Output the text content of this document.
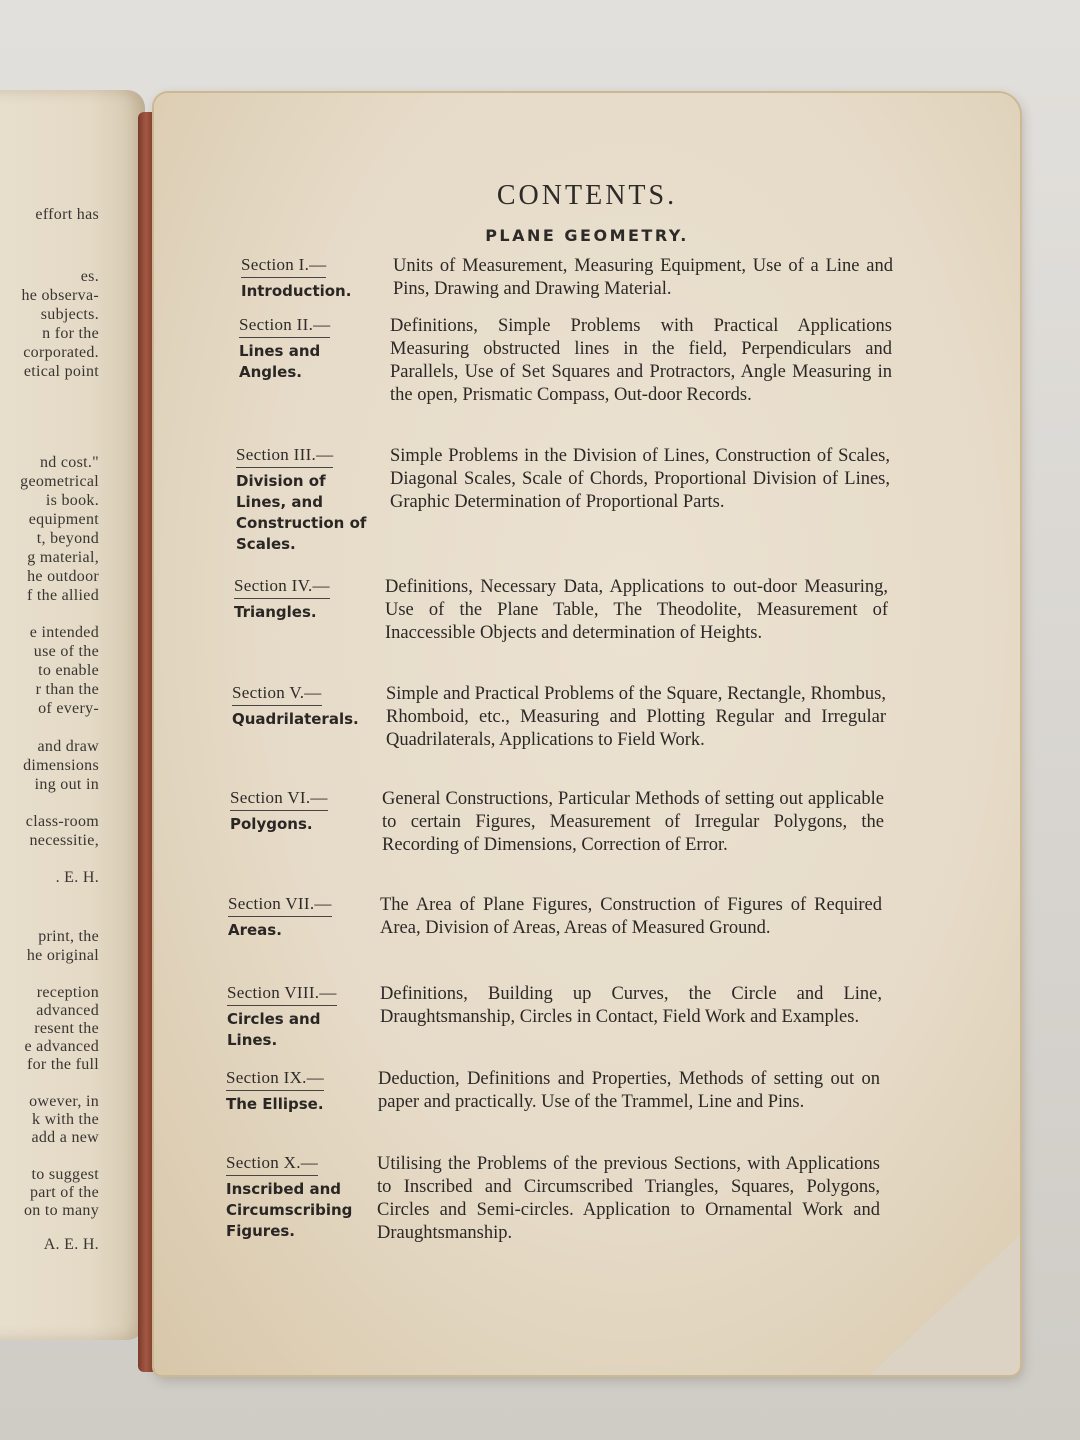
effort has
es.
he observa-
subjects.
n for the
corporated.
etical point
nd cost."
geometrical
is book.
equipment
t, beyond
g material,
he outdoor
f the allied
e intended
use of the
to enable
r than the
of every-
and draw
dimensions
ing out in
class-room
necessitie,
. E. H.
print, the
he original
reception
advanced
resent the
e advanced
for the full
owever, in
k with the
add a new
to suggest
part of the
on to many
A. E. H.
CONTENTS.
PLANE GEOMETRY.
Section I.—
Introduction.
Units of Measurement, Measuring Equipment, Use of a Line and Pins, Drawing and Drawing Material.
Section II.—
Lines and
Angles.
Definitions, Simple Problems with Practical Applications Measuring obstructed lines in the field, Perpendiculars and Parallels, Use of Set Squares and Protractors, Angle Measuring in the open, Prismatic Compass, Out-door Records.
Section III.—
Division of
Lines, and
Construction of
Scales.
Simple Problems in the Division of Lines, Construction of Scales, Diagonal Scales, Scale of Chords, Proportional Division of Lines, Graphic Determination of Proportional Parts.
Section IV.—
Triangles.
Definitions, Necessary Data, Applications to out-door Measuring, Use of the Plane Table, The Theodolite, Measurement of Inaccessible Objects and determination of Heights.
Section V.—
Quadrilaterals.
Simple and Practical Problems of the Square, Rectangle, Rhombus, Rhomboid, etc., Measuring and Plotting Regular and Irregular Quadrilaterals, Applications to Field Work.
Section VI.—
Polygons.
General Constructions, Particular Methods of setting out applicable to certain Figures, Measurement of Irregular Polygons, the Recording of Dimensions, Correction of Error.
Section VII.—
Areas.
The Area of Plane Figures, Construction of Figures of Required Area, Division of Areas, Areas of Measured Ground.
Section VIII.—
Circles and
Lines.
Definitions, Building up Curves, the Circle and Line, Draughtsmanship, Circles in Contact, Field Work and Examples.
Section IX.—
The Ellipse.
Deduction, Definitions and Properties, Methods of setting out on paper and practically. Use of the Trammel, Line and Pins.
Section X.—
Inscribed and
Circumscribing
Figures.
Utilising the Problems of the previous Sections, with Applications to Inscribed and Circumscribed Triangles, Squares, Polygons, Circles and Semi-circles. Application to Ornamental Work and Draughtsmanship.
